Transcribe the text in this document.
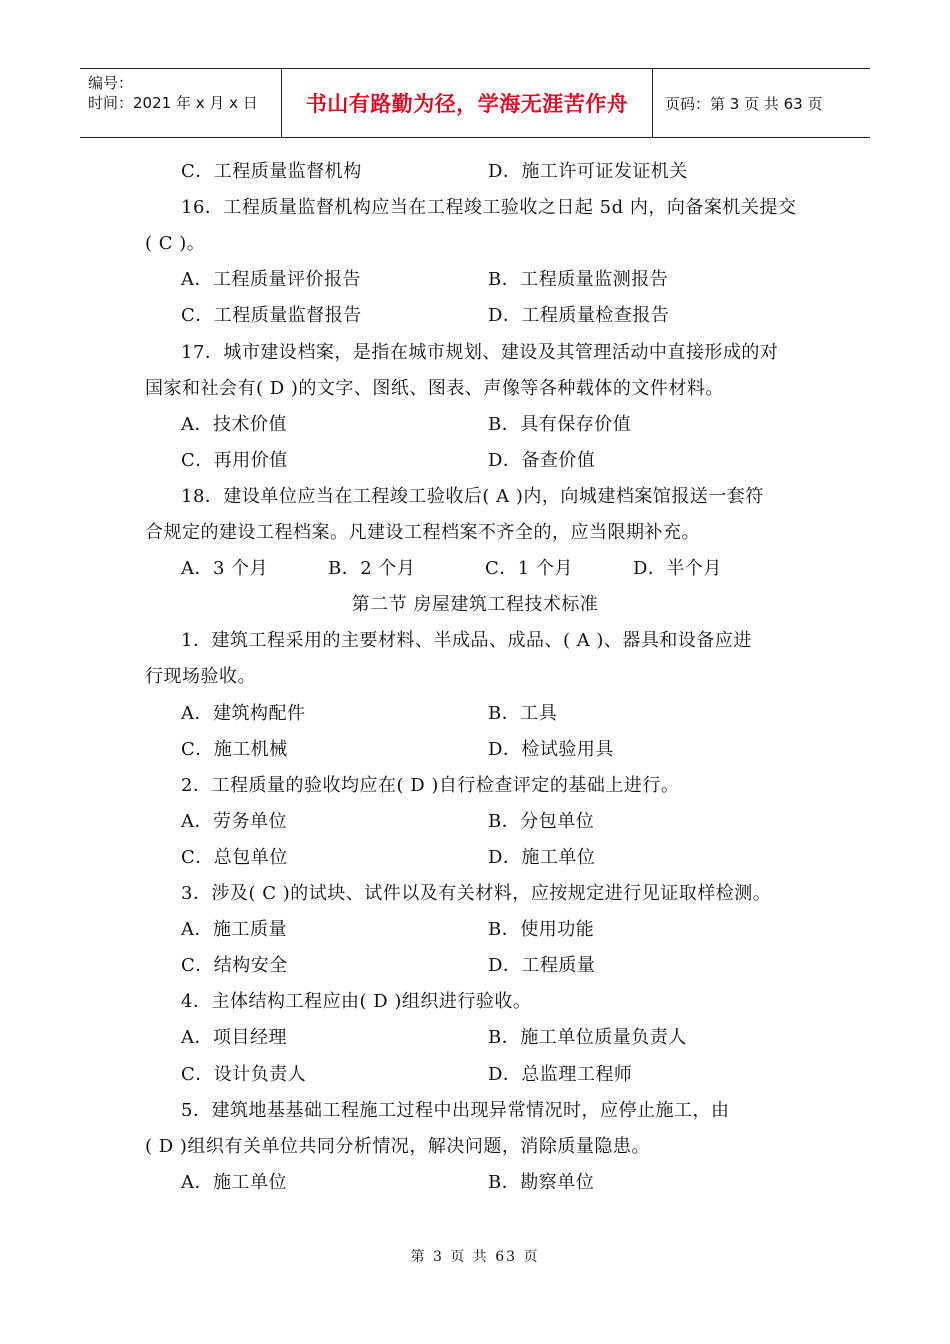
编号：
时间：2021 年 x 月 x 日	书山有路勤为径，学海无涯苦作舟	页码：第 3 页 共 63 页
C．工程质量监督机构	D．施工许可证发证机关
16．工程质量监督机构应当在工程竣工验收之日起 5d 内，向备案机关提交
( C )。
A．工程质量评价报告	B．工程质量监测报告
C．工程质量监督报告	D．工程质量检查报告
17．城市建设档案，是指在城市规划、建设及其管理活动中直接形成的对
国家和社会有( D )的文字、图纸、图表、声像等各种载体的文件材料。
A．技术价值	B．具有保存价值
C．再用价值	D．备查价值
18．建设单位应当在工程竣工验收后( A )内，向城建档案馆报送一套符
合规定的建设工程档案。凡建设工程档案不齐全的，应当限期补充。
A．3 个月	B．2 个月	C．1 个月	D．半个月
第二节 房屋建筑工程技术标准
1．建筑工程采用的主要材料、半成品、成品、( A )、器具和设备应进
行现场验收。
A．建筑构配件	B．工具
C．施工机械	D．检试验用具
2．工程质量的验收均应在( D )自行检查评定的基础上进行。
A．劳务单位	B．分包单位
C．总包单位	D．施工单位
3．涉及( C )的试块、试件以及有关材料，应按规定进行见证取样检测。
A．施工质量	B．使用功能
C．结构安全	D．工程质量
4．主体结构工程应由( D )组织进行验收。
A．项目经理	B．施工单位质量负责人
C．设计负责人	D．总监理工程师
5．建筑地基基础工程施工过程中出现异常情况时，应停止施工，由
( D )组织有关单位共同分析情况，解决问题，消除质量隐患。
A．施工单位	B．勘察单位
第 3 页 共 63 页
